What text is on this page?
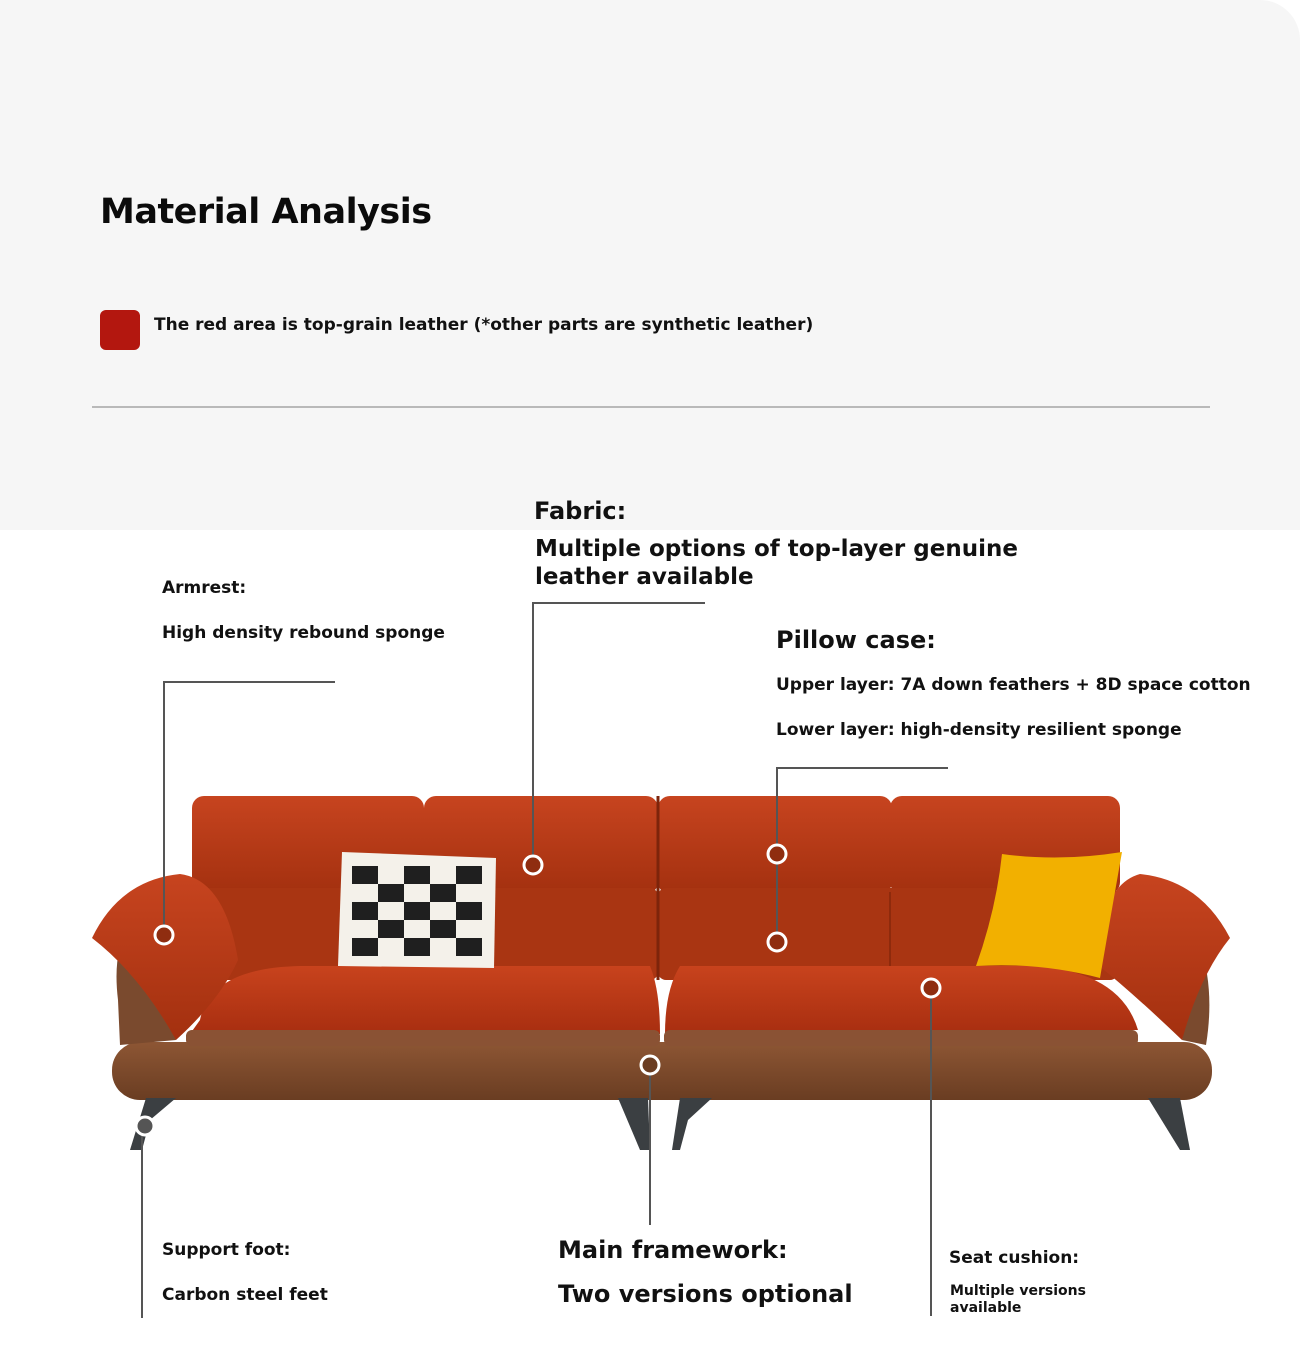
Material Analysis
The red area is top-grain leather (*other parts are synthetic leather)
Armrest:
High density rebound sponge
Fabric:
Multiple options of top-layer genuine
leather available
Pillow case:
Upper layer: 7A down feathers + 8D space cotton
Lower layer: high-density resilient sponge
Support foot:
Carbon steel feet
Main framework:
Two versions optional
Seat cushion:
Multiple versions available
